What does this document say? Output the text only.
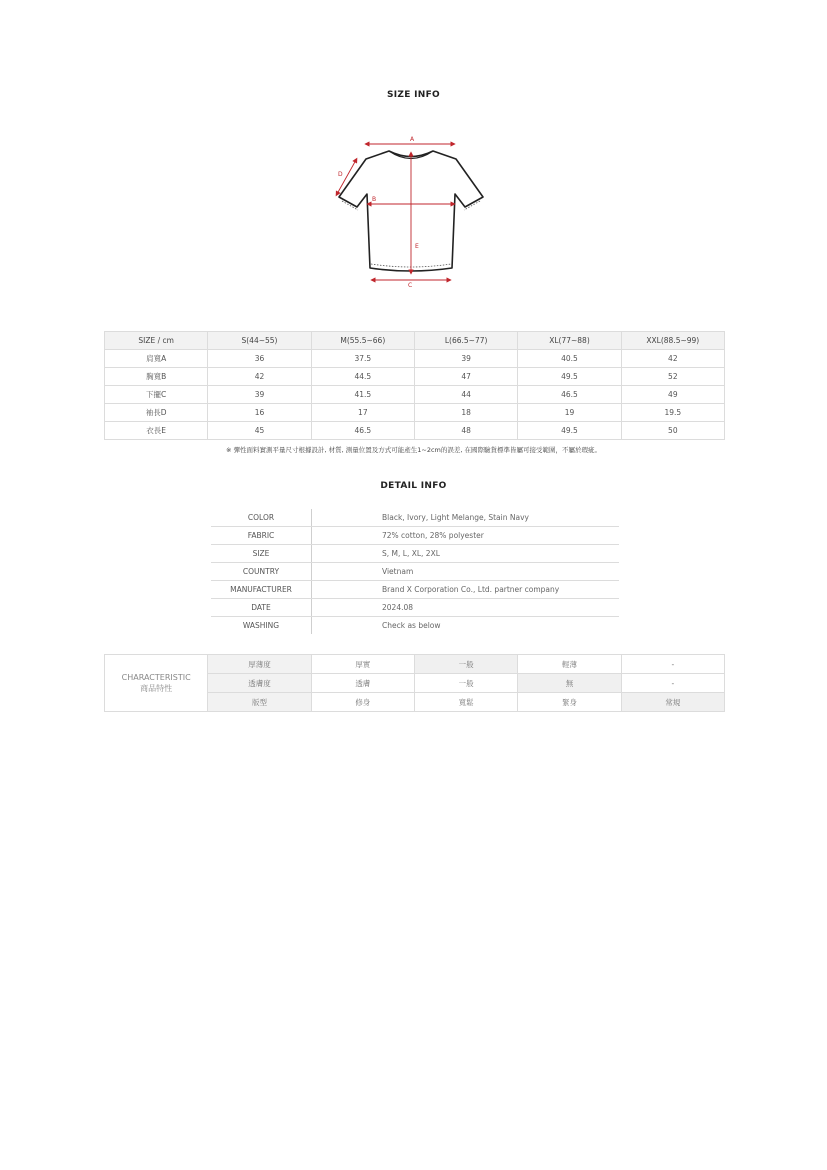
SIZE INFO
A
B
C
D
E
SIZE / cm	S(44~55)	M(55.5~66)	L(66.5~77)	XL(77~88)	XXL(88.5~99)
肩寬A	36	37.5	39	40.5	42
胸寬B	42	44.5	47	49.5	52
下擺C	39	41.5	44	46.5	49
袖長D	16	17	18	19	19.5
衣長E	45	46.5	48	49.5	50
※ 彈性面料實測平量尺寸根據設計, 材質, 測量位置及方式可能產生1~2cm的誤差, 在國際驗貨標準皆屬可接受範圍，不屬於瑕疵。
DETAIL INFO
COLOR	Black, Ivory, Light Melange, Stain Navy
FABRIC	72% cotton, 28% polyester
SIZE	S, M, L, XL, 2XL
COUNTRY	Vietnam
MANUFACTURER	Brand X Corporation Co., Ltd. partner company
DATE	2024.08
WASHING	Check as below
CHARACTERISTIC
商品特性	厚薄度	厚實	一般	輕薄	-
	透膚度	透膚	一般	無	-
	版型	修身	寬鬆	緊身	常規
